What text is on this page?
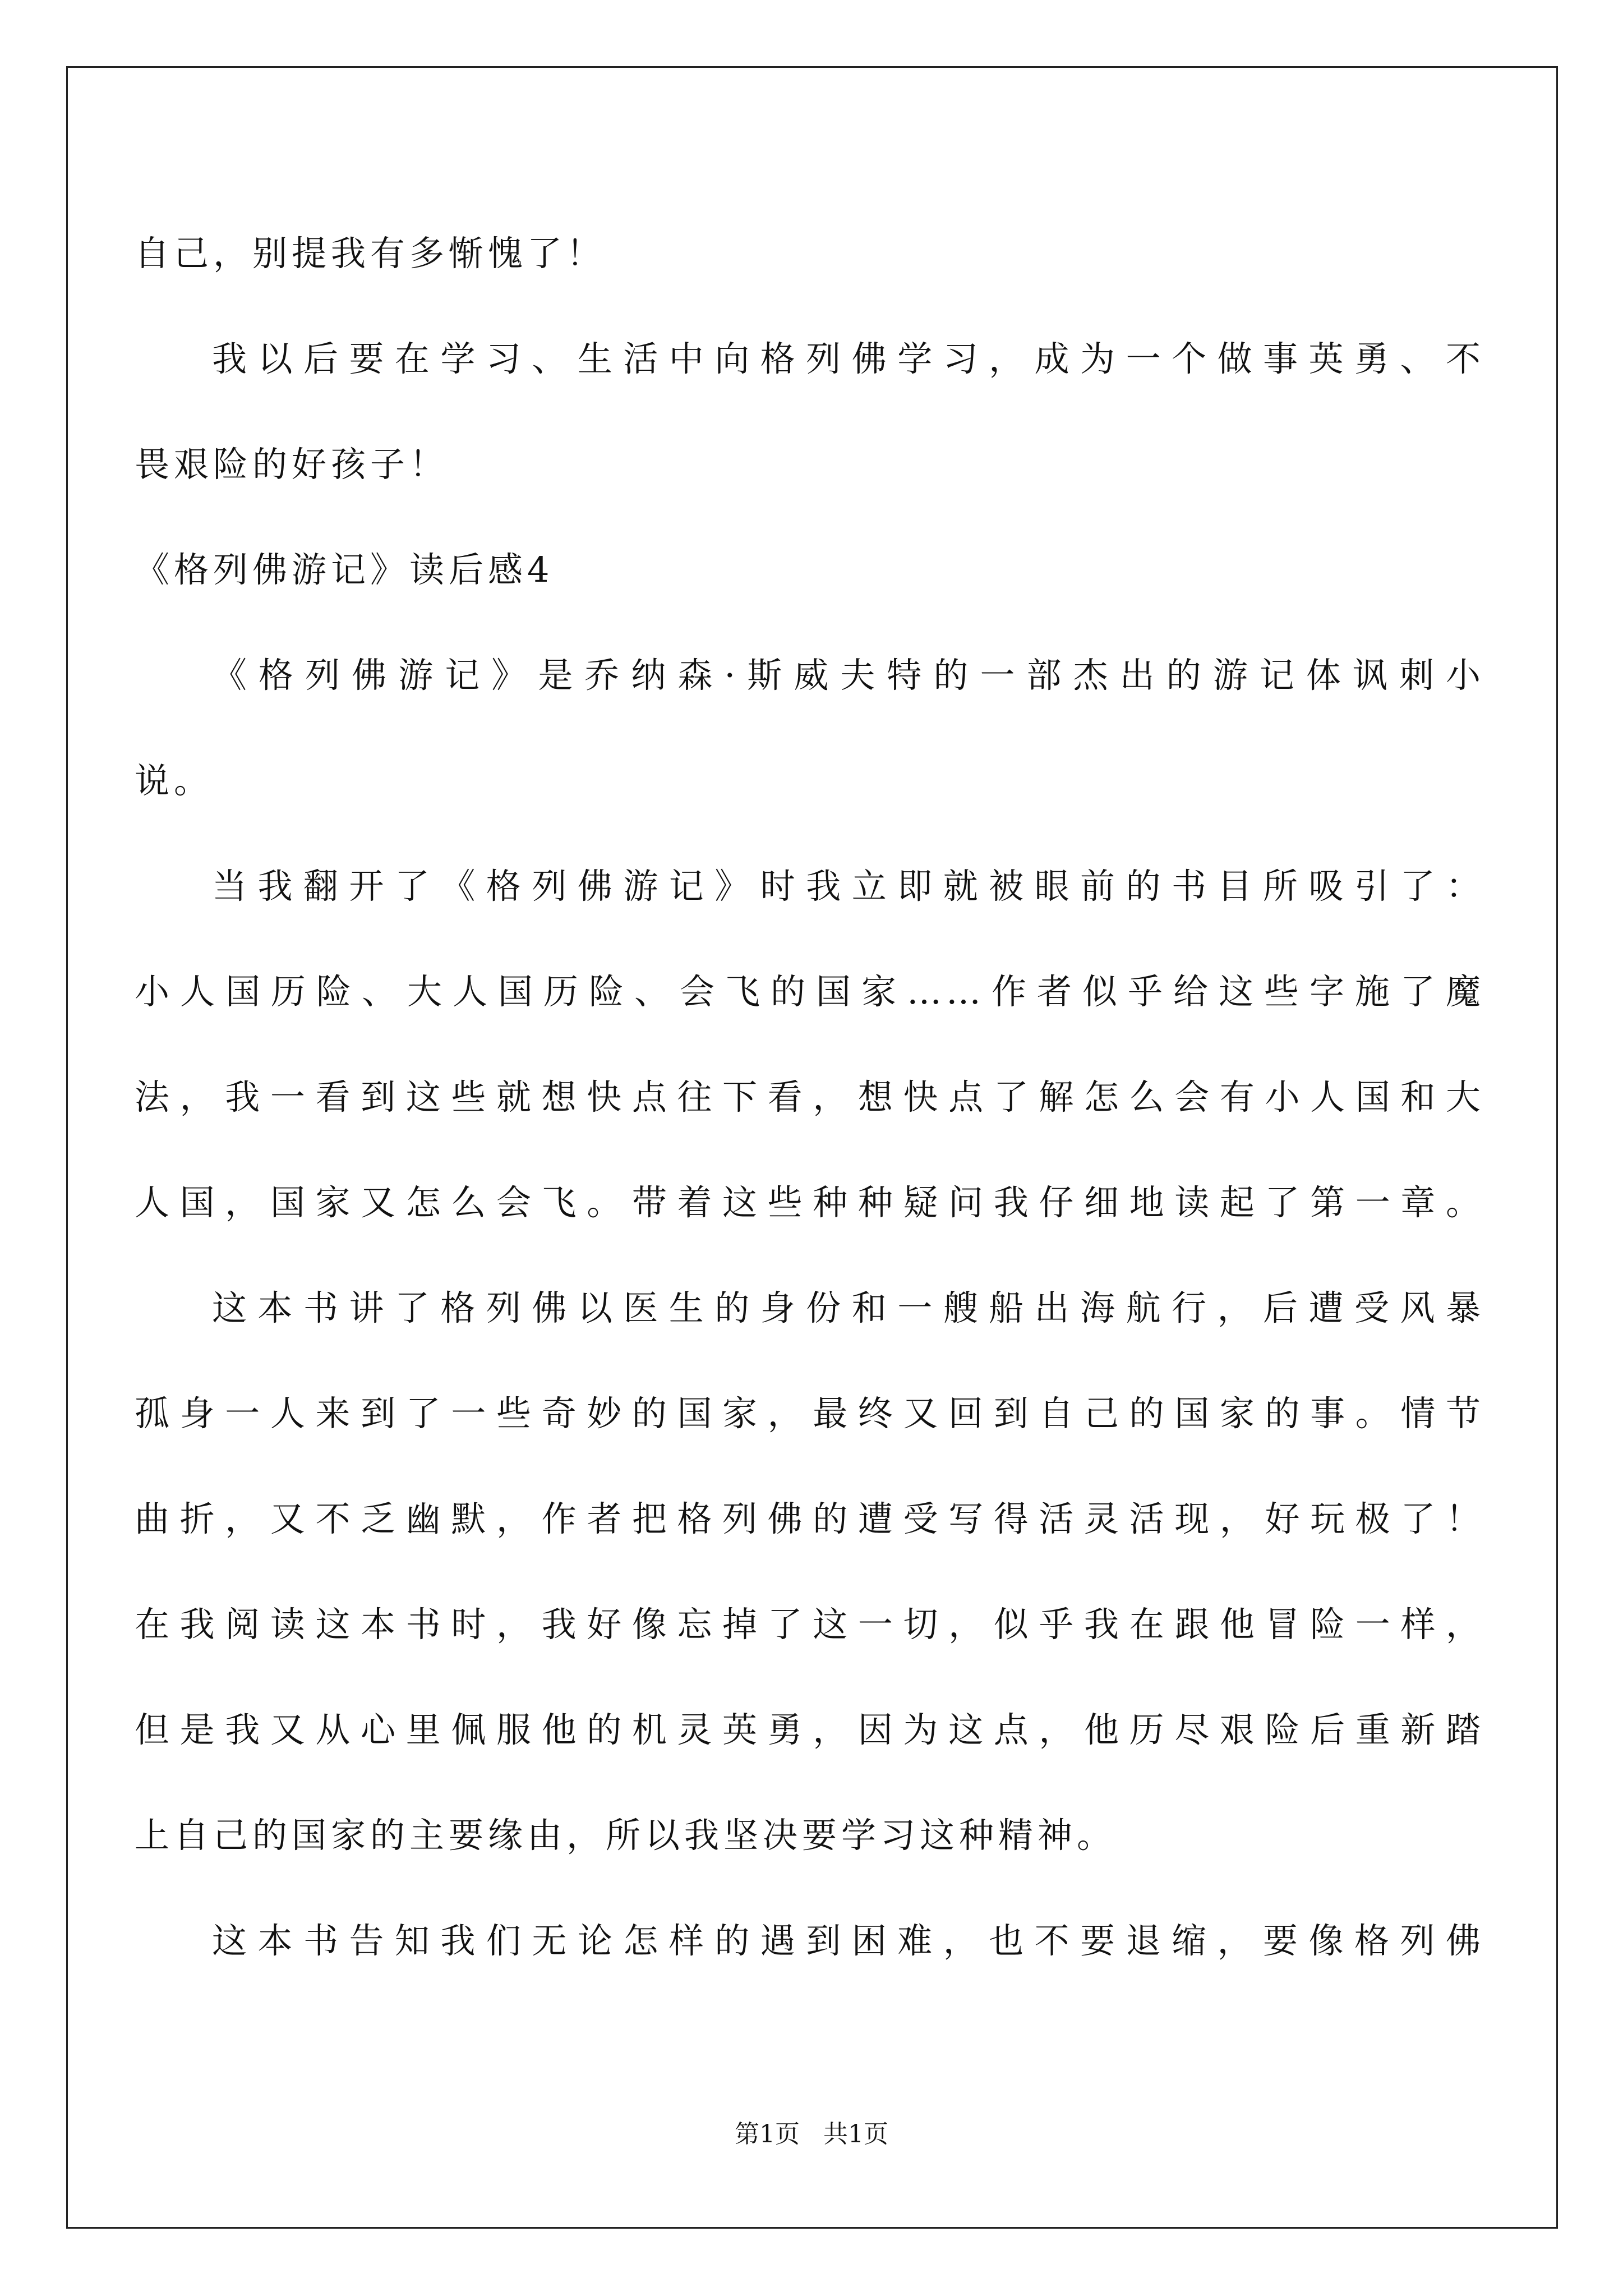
自己，别提我有多惭愧了！
我以后要在学习、生活中向格列佛学习，成为一个做事英勇、不
畏艰险的好孩子！
《格列佛游记》读后感4
《格列佛游记》是乔纳森·斯威夫特的一部杰出的游记体讽刺小
说。
当我翻开了《格列佛游记》时我立即就被眼前的书目所吸引了：
小人国历险、大人国历险、会飞的国家……作者似乎给这些字施了魔
法，我一看到这些就想快点往下看，想快点了解怎么会有小人国和大
人国，国家又怎么会飞。带着这些种种疑问我仔细地读起了第一章。
这本书讲了格列佛以医生的身份和一艘船出海航行，后遭受风暴
孤身一人来到了一些奇妙的国家，最终又回到自己的国家的事。情节
曲折，又不乏幽默，作者把格列佛的遭受写得活灵活现，好玩极了！
在我阅读这本书时，我好像忘掉了这一切，似乎我在跟他冒险一样，
但是我又从心里佩服他的机灵英勇，因为这点，他历尽艰险后重新踏
上自己的国家的主要缘由，所以我坚决要学习这种精神。
这本书告知我们无论怎样的遇到困难，也不要退缩，要像格列佛
第1页 共1页
